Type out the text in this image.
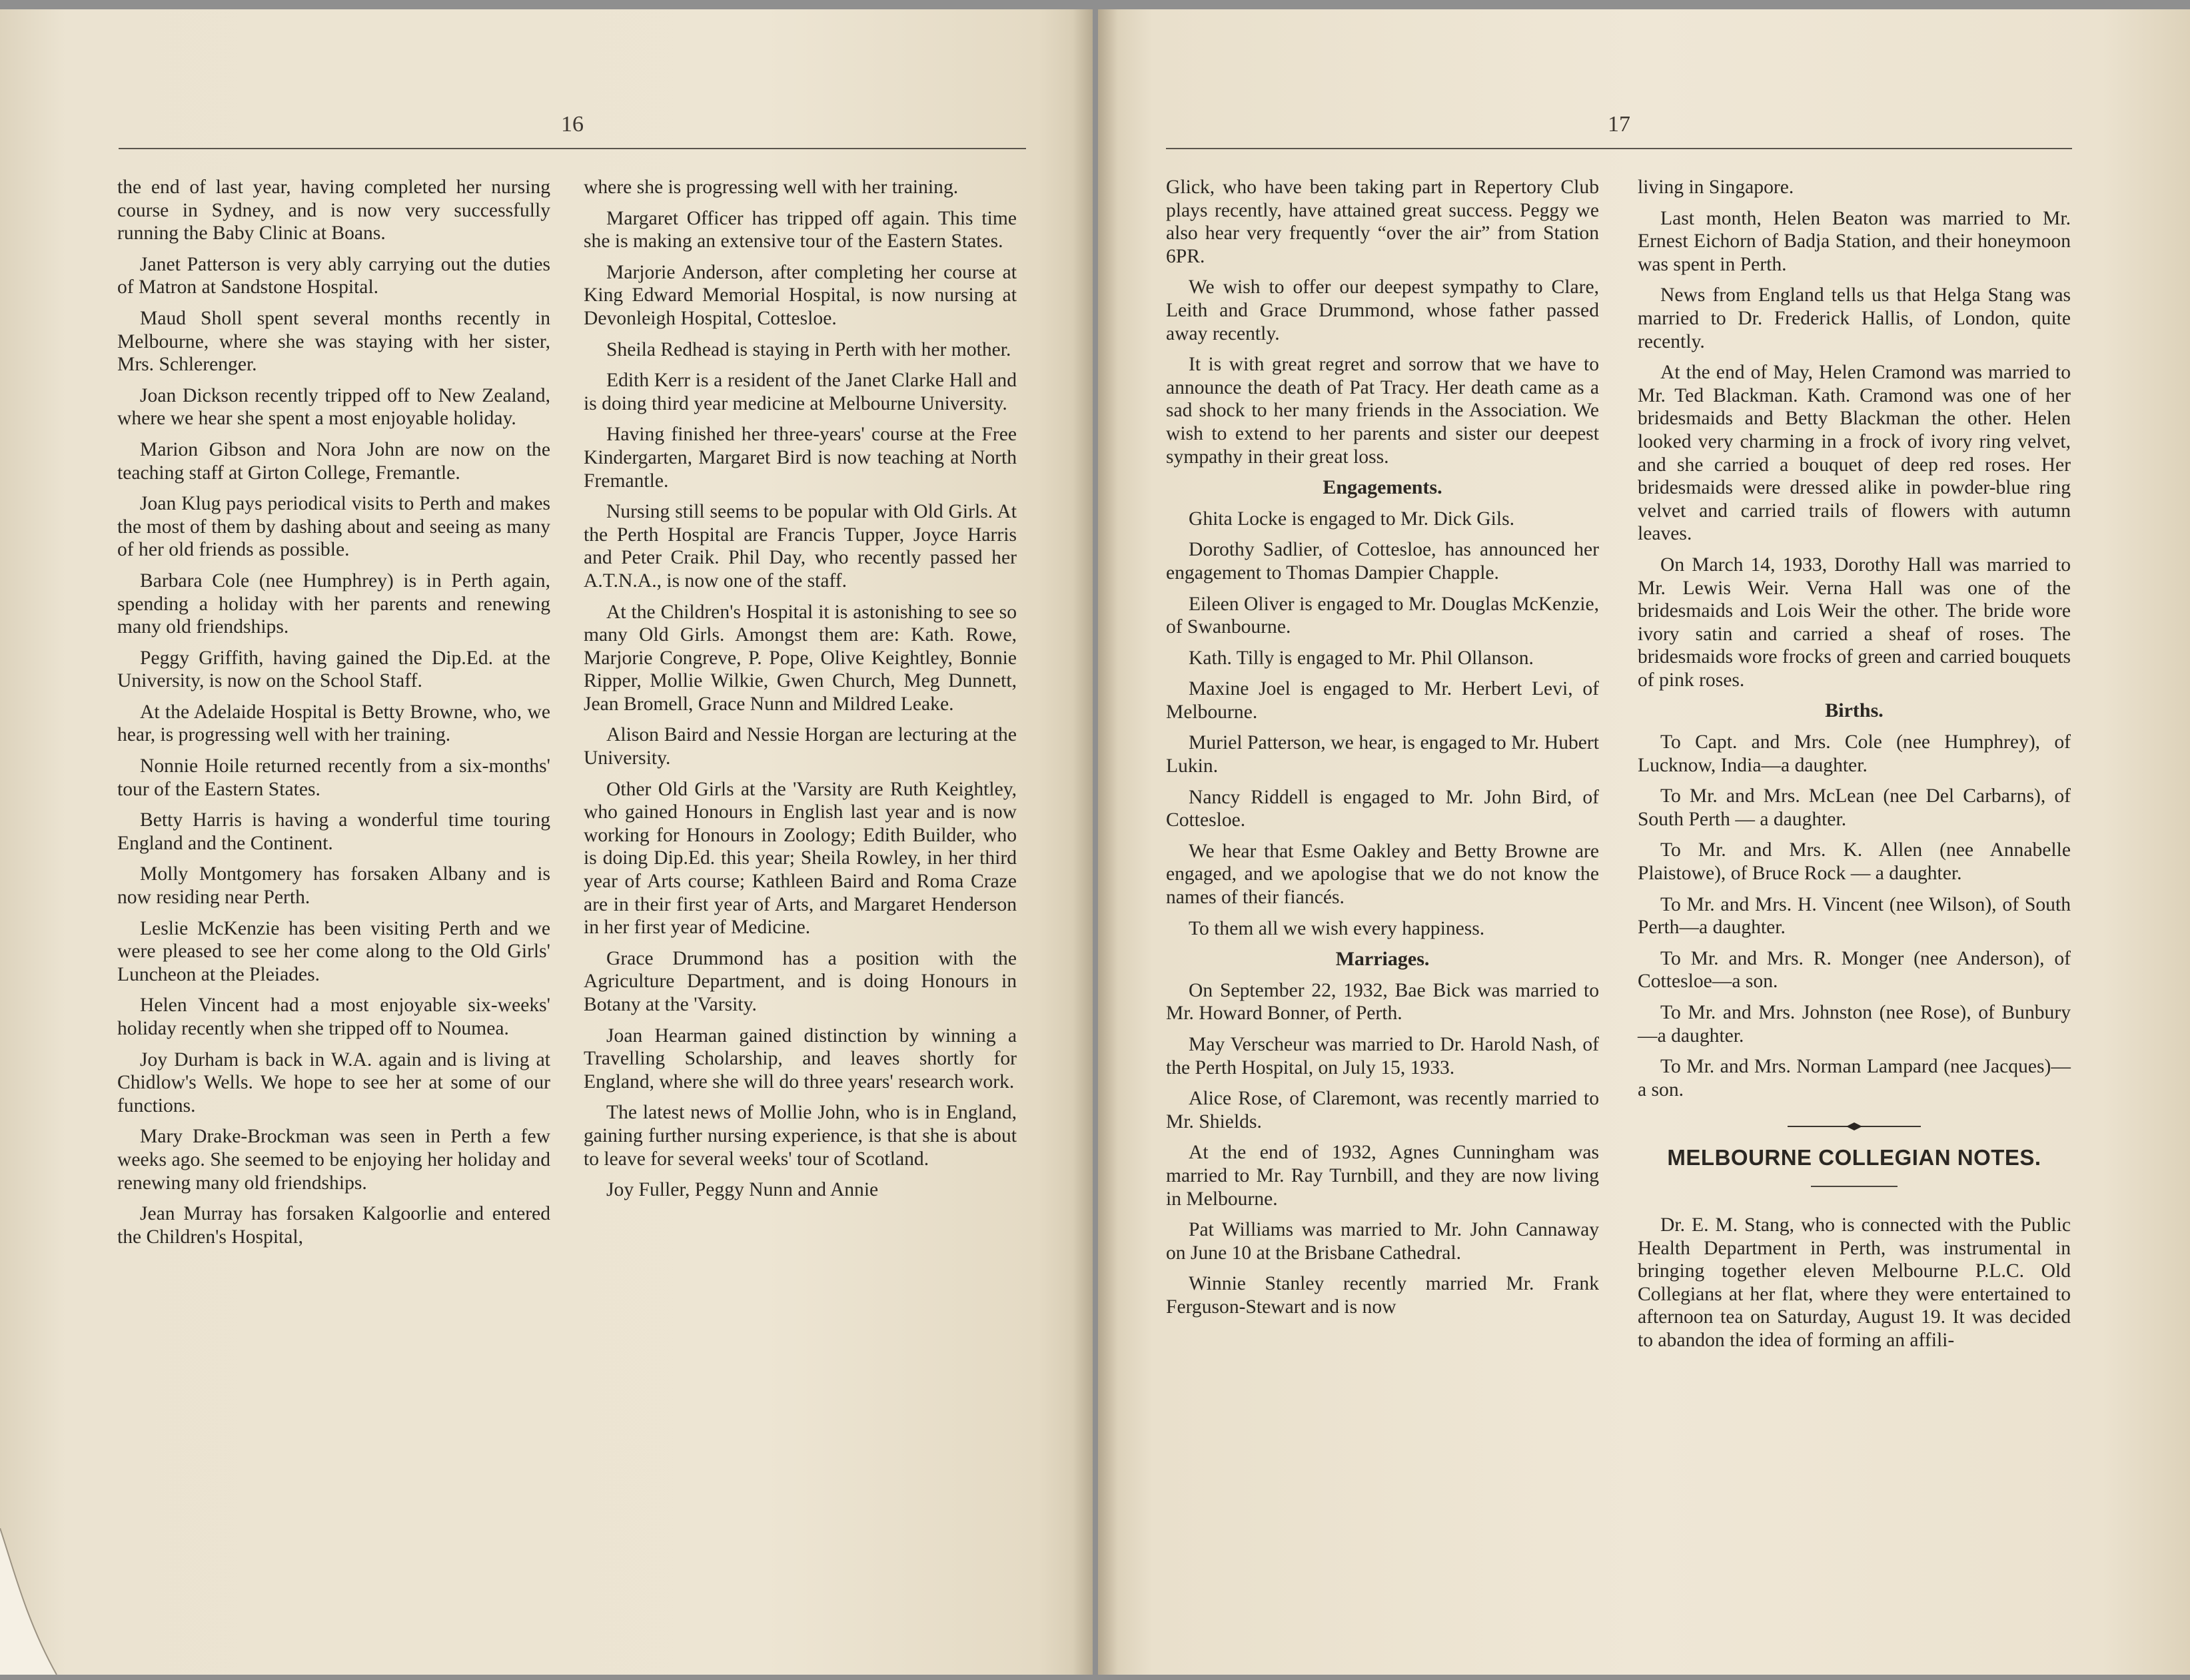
16

the end of last year, having completed her nursing course in Sydney, and is now very successfully running the Baby Clinic at Boans.

Janet Patterson is very ably carrying out the duties of Matron at Sandstone Hospital.

Maud Sholl spent several months recently in Melbourne, where she was staying with her sister, Mrs. Schlerenger.

Joan Dickson recently tripped off to New Zealand, where we hear she spent a most enjoyable holiday.

Marion Gibson and Nora John are now on the teaching staff at Girton College, Fremantle.

Joan Klug pays periodical visits to Perth and makes the most of them by dashing about and seeing as many of her old friends as possible.

Barbara Cole (nee Humphrey) is in Perth again, spending a holiday with her parents and renewing many old friendships.

Peggy Griffith, having gained the Dip.Ed. at the University, is now on the School Staff.

At the Adelaide Hospital is Betty Browne, who, we hear, is progressing well with her training.

Nonnie Hoile returned recently from a six-months' tour of the Eastern States.

Betty Harris is having a wonderful time touring England and the Continent.

Molly Montgomery has forsaken Albany and is now residing near Perth.

Leslie McKenzie has been visiting Perth and we were pleased to see her come along to the Old Girls' Luncheon at the Pleiades.

Helen Vincent had a most enjoyable six-weeks' holiday recently when she tripped off to Noumea.

Joy Durham is back in W.A. again and is living at Chidlow's Wells. We hope to see her at some of our functions.

Mary Drake-Brockman was seen in Perth a few weeks ago. She seemed to be enjoying her holiday and renewing many old friendships.

Jean Murray has forsaken Kalgoorlie and entered the Children's Hospital,

where she is progressing well with her training.

Margaret Officer has tripped off again. This time she is making an extensive tour of the Eastern States.

Marjorie Anderson, after completing her course at King Edward Memorial Hospital, is now nursing at Devonleigh Hospital, Cottesloe.

Sheila Redhead is staying in Perth with her mother.

Edith Kerr is a resident of the Janet Clarke Hall and is doing third year medicine at Melbourne University.

Having finished her three-years' course at the Free Kindergarten, Margaret Bird is now teaching at North Fremantle.

Nursing still seems to be popular with Old Girls. At the Perth Hospital are Francis Tupper, Joyce Harris and Peter Craik. Phil Day, who recently passed her A.T.N.A., is now one of the staff.

At the Children's Hospital it is astonishing to see so many Old Girls. Amongst them are: Kath. Rowe, Marjorie Congreve, P. Pope, Olive Keightley, Bonnie Ripper, Mollie Wilkie, Gwen Church, Meg Dunnett, Jean Bromell, Grace Nunn and Mildred Leake.

Alison Baird and Nessie Horgan are lecturing at the University.

Other Old Girls at the 'Varsity are Ruth Keightley, who gained Honours in English last year and is now working for Honours in Zoology; Edith Builder, who is doing Dip.Ed. this year; Sheila Rowley, in her third year of Arts course; Kathleen Baird and Roma Craze are in their first year of Arts, and Margaret Henderson in her first year of Medicine.

Grace Drummond has a position with the Agriculture Department, and is doing Honours in Botany at the 'Varsity.

Joan Hearman gained distinction by winning a Travelling Scholarship, and leaves shortly for England, where she will do three years' research work.

The latest news of Mollie John, who is in England, gaining further nursing experience, is that she is about to leave for several weeks' tour of Scotland.

Joy Fuller, Peggy Nunn and Annie

17

Glick, who have been taking part in Repertory Club plays recently, have attained great success. Peggy we also hear very frequently “over the air” from Station 6PR.

We wish to offer our deepest sympathy to Clare, Leith and Grace Drummond, whose father passed away recently.

It is with great regret and sorrow that we have to announce the death of Pat Tracy. Her death came as a sad shock to her many friends in the Association. We wish to extend to her parents and sister our deepest sympathy in their great loss.

Engagements.

Ghita Locke is engaged to Mr. Dick Gils.

Dorothy Sadlier, of Cottesloe, has announced her engagement to Thomas Dampier Chapple.

Eileen Oliver is engaged to Mr. Douglas McKenzie, of Swanbourne.

Kath. Tilly is engaged to Mr. Phil Ollanson.

Maxine Joel is engaged to Mr. Herbert Levi, of Melbourne.

Muriel Patterson, we hear, is engaged to Mr. Hubert Lukin.

Nancy Riddell is engaged to Mr. John Bird, of Cottesloe.

We hear that Esme Oakley and Betty Browne are engaged, and we apologise that we do not know the names of their fiancés.

To them all we wish every happiness.

Marriages.

On September 22, 1932, Bae Bick was married to Mr. Howard Bonner, of Perth.

May Verscheur was married to Dr. Harold Nash, of the Perth Hospital, on July 15, 1933.

Alice Rose, of Claremont, was recently married to Mr. Shields.

At the end of 1932, Agnes Cunningham was married to Mr. Ray Turnbill, and they are now living in Melbourne.

Pat Williams was married to Mr. John Cannaway on June 10 at the Brisbane Cathedral.

Winnie Stanley recently married Mr. Frank Ferguson-Stewart and is now

living in Singapore.

Last month, Helen Beaton was married to Mr. Ernest Eichorn of Badja Station, and their honeymoon was spent in Perth.

News from England tells us that Helga Stang was married to Dr. Frederick Hallis, of London, quite recently.

At the end of May, Helen Cramond was married to Mr. Ted Blackman. Kath. Cramond was one of her bridesmaids and Betty Blackman the other. Helen looked very charming in a frock of ivory ring velvet, and she carried a bouquet of deep red roses. Her bridesmaids were dressed alike in powder-blue ring velvet and carried trails of flowers with autumn leaves.

On March 14, 1933, Dorothy Hall was married to Mr. Lewis Weir. Verna Hall was one of the bridesmaids and Lois Weir the other. The bride wore ivory satin and carried a sheaf of roses. The bridesmaids wore frocks of green and carried bouquets of pink roses.

Births.

To Capt. and Mrs. Cole (nee Humphrey), of Lucknow, India—a daughter.

To Mr. and Mrs. McLean (nee Del Carbarns), of South Perth — a daughter.

To Mr. and Mrs. K. Allen (nee Annabelle Plaistowe), of Bruce Rock — a daughter.

To Mr. and Mrs. H. Vincent (nee Wilson), of South Perth—a daughter.

To Mr. and Mrs. R. Monger (nee Anderson), of Cottesloe—a son.

To Mr. and Mrs. Johnston (nee Rose), of Bunbury—a daughter.

To Mr. and Mrs. Norman Lampard (nee Jacques)—a son.

MELBOURNE COLLEGIAN NOTES.

Dr. E. M. Stang, who is connected with the Public Health Department in Perth, was instrumental in bringing together eleven Melbourne P.L.C. Old Collegians at her flat, where they were entertained to afternoon tea on Saturday, August 19. It was decided to abandon the idea of forming an affili-
